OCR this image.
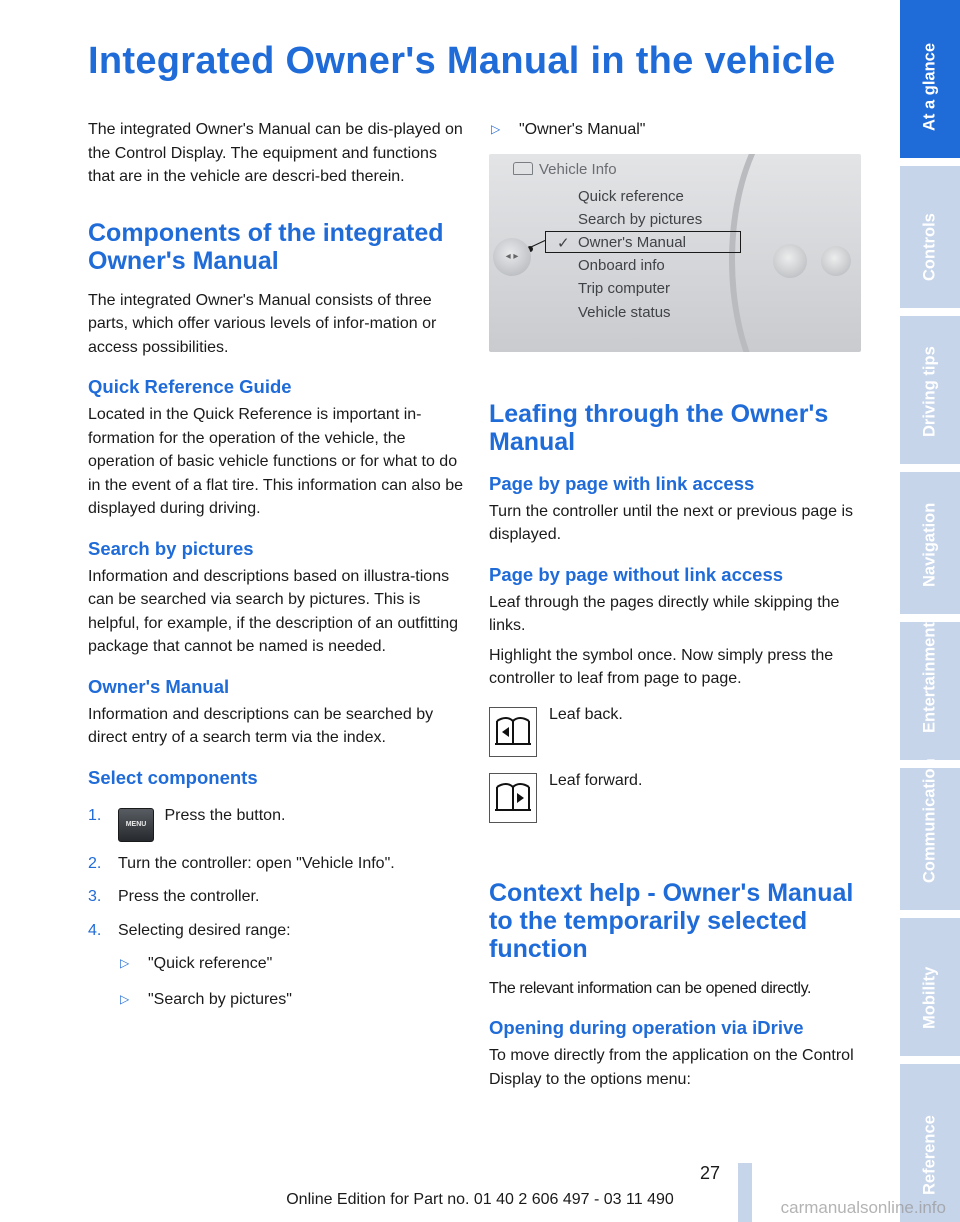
Integrated Owner's Manual in the vehicle

The integrated Owner's Manual can be dis-played on the Control Display. The equipment and functions that are in the vehicle are descri-bed therein.

Components of the integrated Owner's Manual

The integrated Owner's Manual consists of three parts, which offer various levels of infor-mation or access possibilities.

Quick Reference Guide

Located in the Quick Reference is important in-formation for the operation of the vehicle, the operation of basic vehicle functions or for what to do in the event of a flat tire. This information can also be displayed during driving.

Search by pictures

Information and descriptions based on illustra-tions can be searched via search by pictures. This is helpful, for example, if the description of an outfitting package that cannot be named is needed.

Owner's Manual

Information and descriptions can be searched by direct entry of a search term via the index.

Select components
1.
MENU Press the button.
2. Turn the controller: open "Vehicle Info".
3. Press the controller.
4. Selecting desired range:
▷ "Quick reference"
▷ "Search by pictures"
▷ "Owner's Manual"
Vehicle Info
Quick reference
Search by pictures
Owner's Manual
Onboard info
Trip computer
Vehicle status
✓
◂ ▸
Leafing through the Owner's Manual
Page by page with link access

Turn the controller until the next or previous page is displayed.

Page by page without link access

Leaf through the pages directly while skipping the links.

Highlight the symbol once. Now simply press the controller to leaf from page to page.

Leaf back.
Leaf forward.
Context help - Owner's Manual to the temporarily selected function

The relevant information can be opened directly.

Opening during operation via iDrive

To move directly from the application on the Control Display to the options menu:

At a glance
Controls
Driving tips
Navigation
Entertainment
Communication
Mobility
Reference
27
Online Edition for Part no. 01 40 2 606 497 - 03 11 490	carmanualsonline.info
